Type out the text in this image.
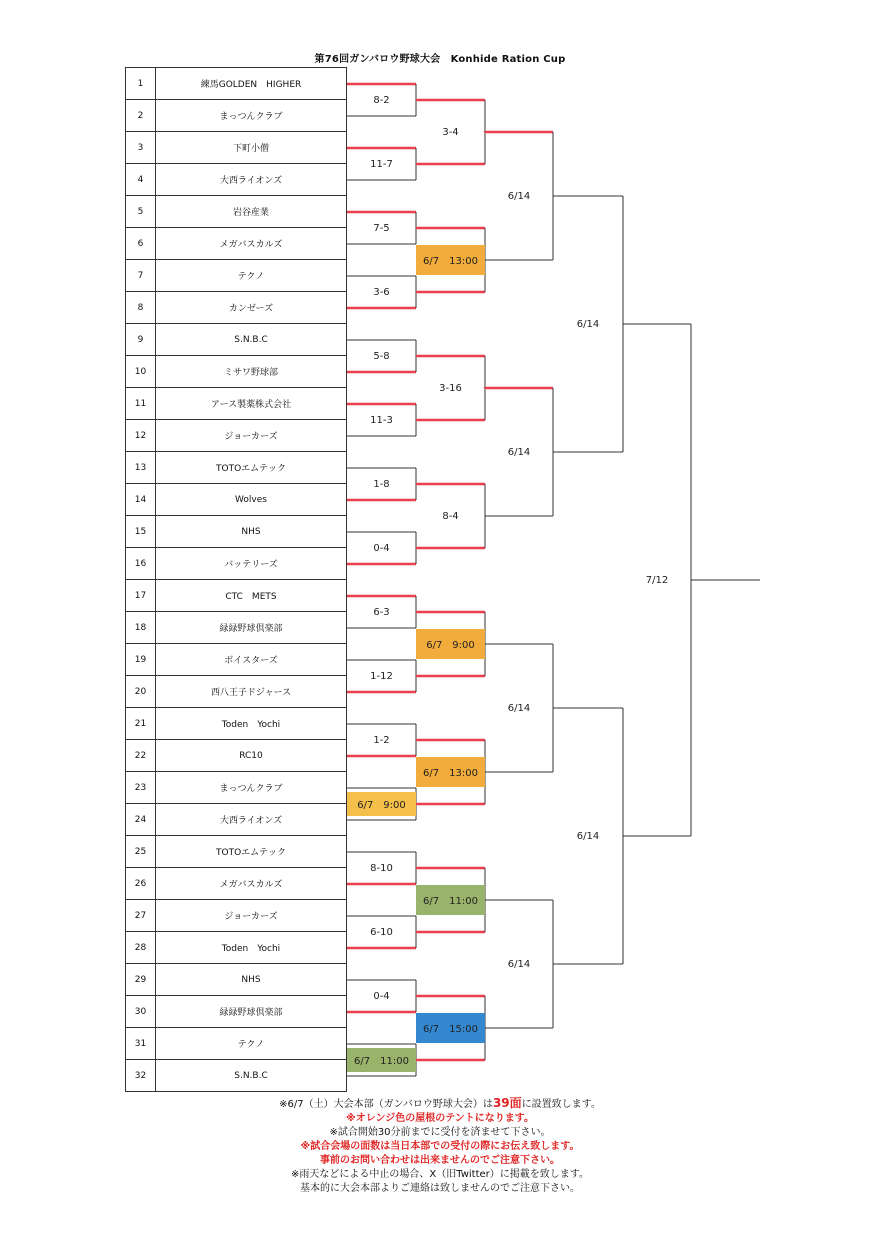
第76回ガンバロウ野球大会　Konhide Ration Cup
1	練馬GOLDEN　HIGHER
2	まっつんクラブ
3	下町小僧
4	大西ライオンズ
5	岩谷産業
6	メガバスカルズ
7	テクノ
8	カンゼーズ
9	S.N.B.C
10	ミサワ野球部
11	アース製薬株式会社
12	ジョーカーズ
13	TOTOエムテック
14	Wolves
15	NHS
16	バッテリーズ
17	CTC　METS
18	緑緑野球倶楽部
19	ボイスターズ
20	西八王子ドジャース
21	Toden　Yochi
22	RC10
23	まっつんクラブ
24	大西ライオンズ
25	TOTOエムテック
26	メガバスカルズ
27	ジョーカーズ
28	Toden　Yochi
29	NHS
30	緑緑野球倶楽部
31	テクノ
32	S.N.B.C
8-2
11-7
7-5
3-6
5-8
11-3
1-8
0-4
6-3
1-12
1-2
8-10
6-10
0-4
6/7　9:00
6/7　11:00
3-4
3-16
8-4
6/7　13:00
6/7　9:00
6/7　13:00
6/7　11:00
6/7　15:00
6/14
6/14
6/14
6/14
6/14
6/14
7/12
※6/7（土）大会本部（ガンバロウ野球大会）は39面に設置致します。
※オレンジ色の屋根のテントになります。
※試合開始30分前までに受付を済ませて下さい。
※試合会場の面数は当日本部での受付の際にお伝え致します。
事前のお問い合わせは出来ませんのでご注意下さい。
※雨天などによる中止の場合、X（旧Twitter）に掲載を致します。
基本的に大会本部よりご連絡は致しませんのでご注意下さい。
